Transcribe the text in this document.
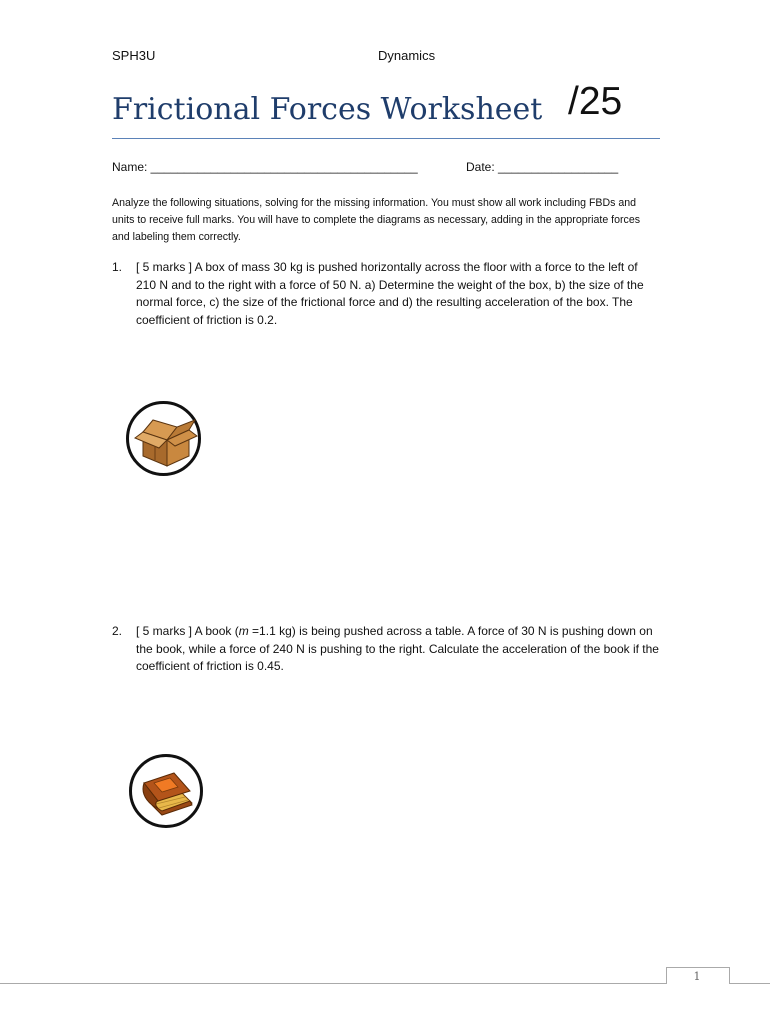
SPH3U	Dynamics
Frictional Forces Worksheet /25
Name: ________________________________________	Date: __________________
Analyze the following situations, solving for the missing information. You must show all work including FBDs and units to receive full marks. You will have to complete the diagrams as necessary, adding in the appropriate forces and labeling them correctly.
1. [ 5 marks ] A box of mass 30 kg is pushed horizontally across the floor with a force to the left of 210 N and to the right with a force of 50 N. a) Determine the weight of the box, b) the size of the normal force, c) the size of the frictional force and d) the resulting acceleration of the box. The coefficient of friction is 0.2.
2. [ 5 marks ] A book (m =1.1 kg) is being pushed across a table. A force of 30 N is pushing down on the book, while a force of 240 N is pushing to the right. Calculate the acceleration of the book if the coefficient of friction is 0.45.
1
